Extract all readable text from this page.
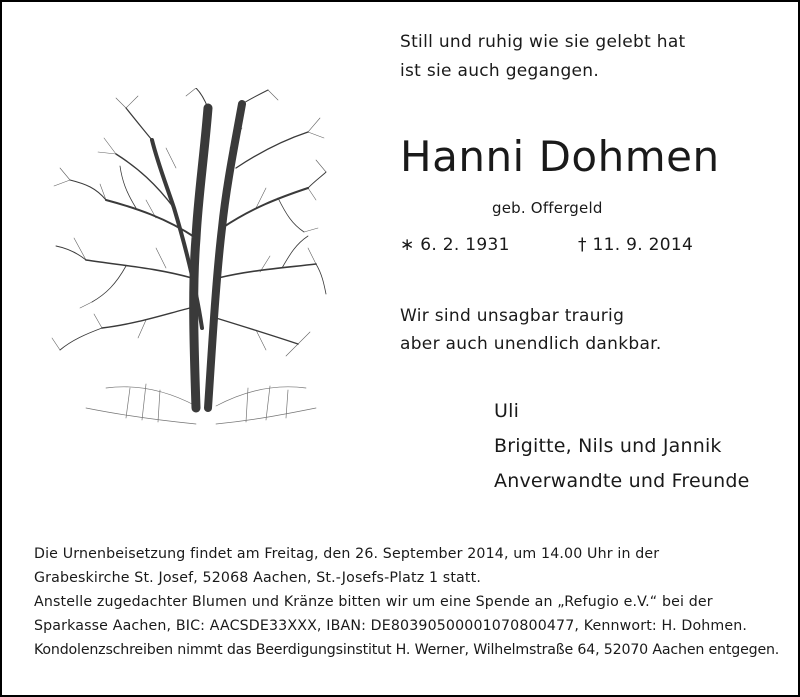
Still und ruhig wie sie gelebt hat
ist sie auch gegangen.
Hanni Dohmen
geb. Offergeld
∗ 6. 2. 1931	† 11. 9. 2014
Wir sind unsagbar traurig
aber auch unendlich dankbar.
Uli
Brigitte, Nils und Jannik
Anverwandte und Freunde

Die Urnenbeisetzung findet am Freitag, den 26. September 2014, um 14.00 Uhr in der

Grabeskirche St. Josef, 52068 Aachen, St.-Josefs-Platz 1 statt.

Anstelle zugedachter Blumen und Kränze bitten wir um eine Spende an „Refugio e.V.“ bei der

Sparkasse Aachen, BIC: AACSDE33XXX, IBAN: DE80390500001070800477, Kennwort: H. Dohmen.

Kondolenzschreiben nimmt das Beerdigungsinstitut H. Werner, Wilhelmstraße 64, 52070 Aachen entgegen.
